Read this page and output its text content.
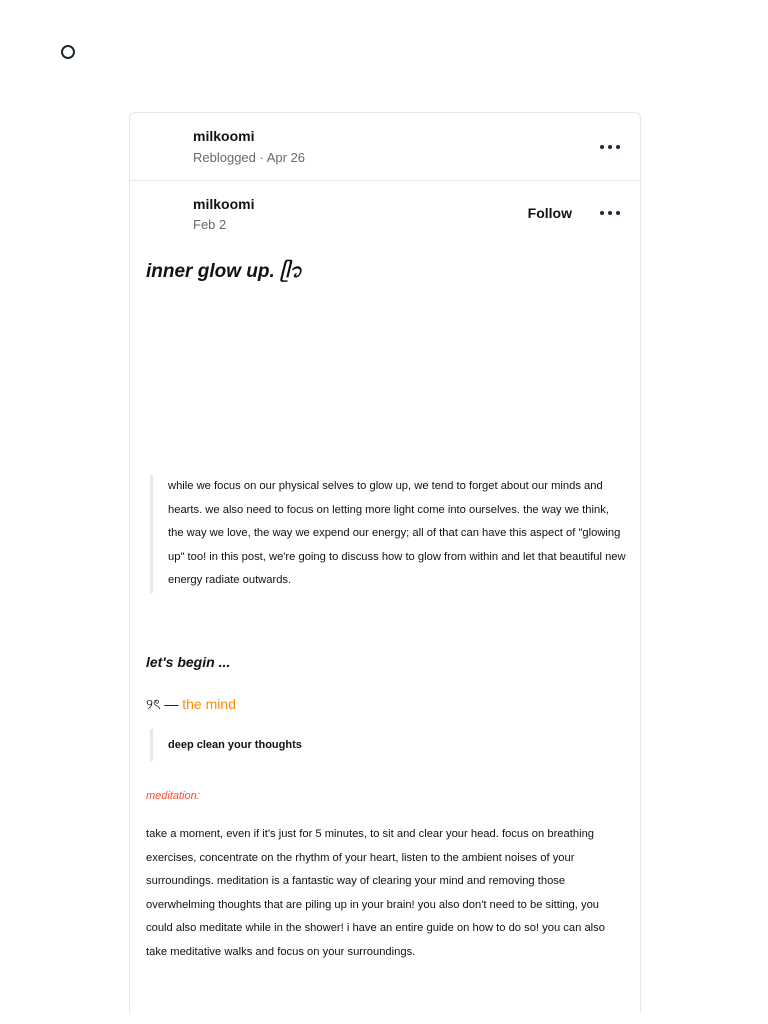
milkoomi
Reblogged · Apr 26
milkoomi
Feb 2
Follow
inner glow up. ᥫ᭡
while we focus on our physical selves to glow up, we tend to forget about our minds and hearts. we also need to focus on letting more light come into ourselves. the way we think, the way we love, the way we expend our energy; all of that can have this aspect of "glowing up" too! in this post, we're going to discuss how to glow from within and let that beautiful new energy radiate outwards.
let's begin ...
୨ৎ — the mind
deep clean your thoughts
meditation:
take a moment, even if it's just for 5 minutes, to sit and clear your head. focus on breathing exercises, concentrate on the rhythm of your heart, listen to the ambient noises of your surroundings. meditation is a fantastic way of clearing your mind and removing those overwhelming thoughts that are piling up in your brain! you also don't need to be sitting, you could also meditate while in the shower! i have an entire guide on how to do so! you can also take meditative walks and focus on your surroundings.
